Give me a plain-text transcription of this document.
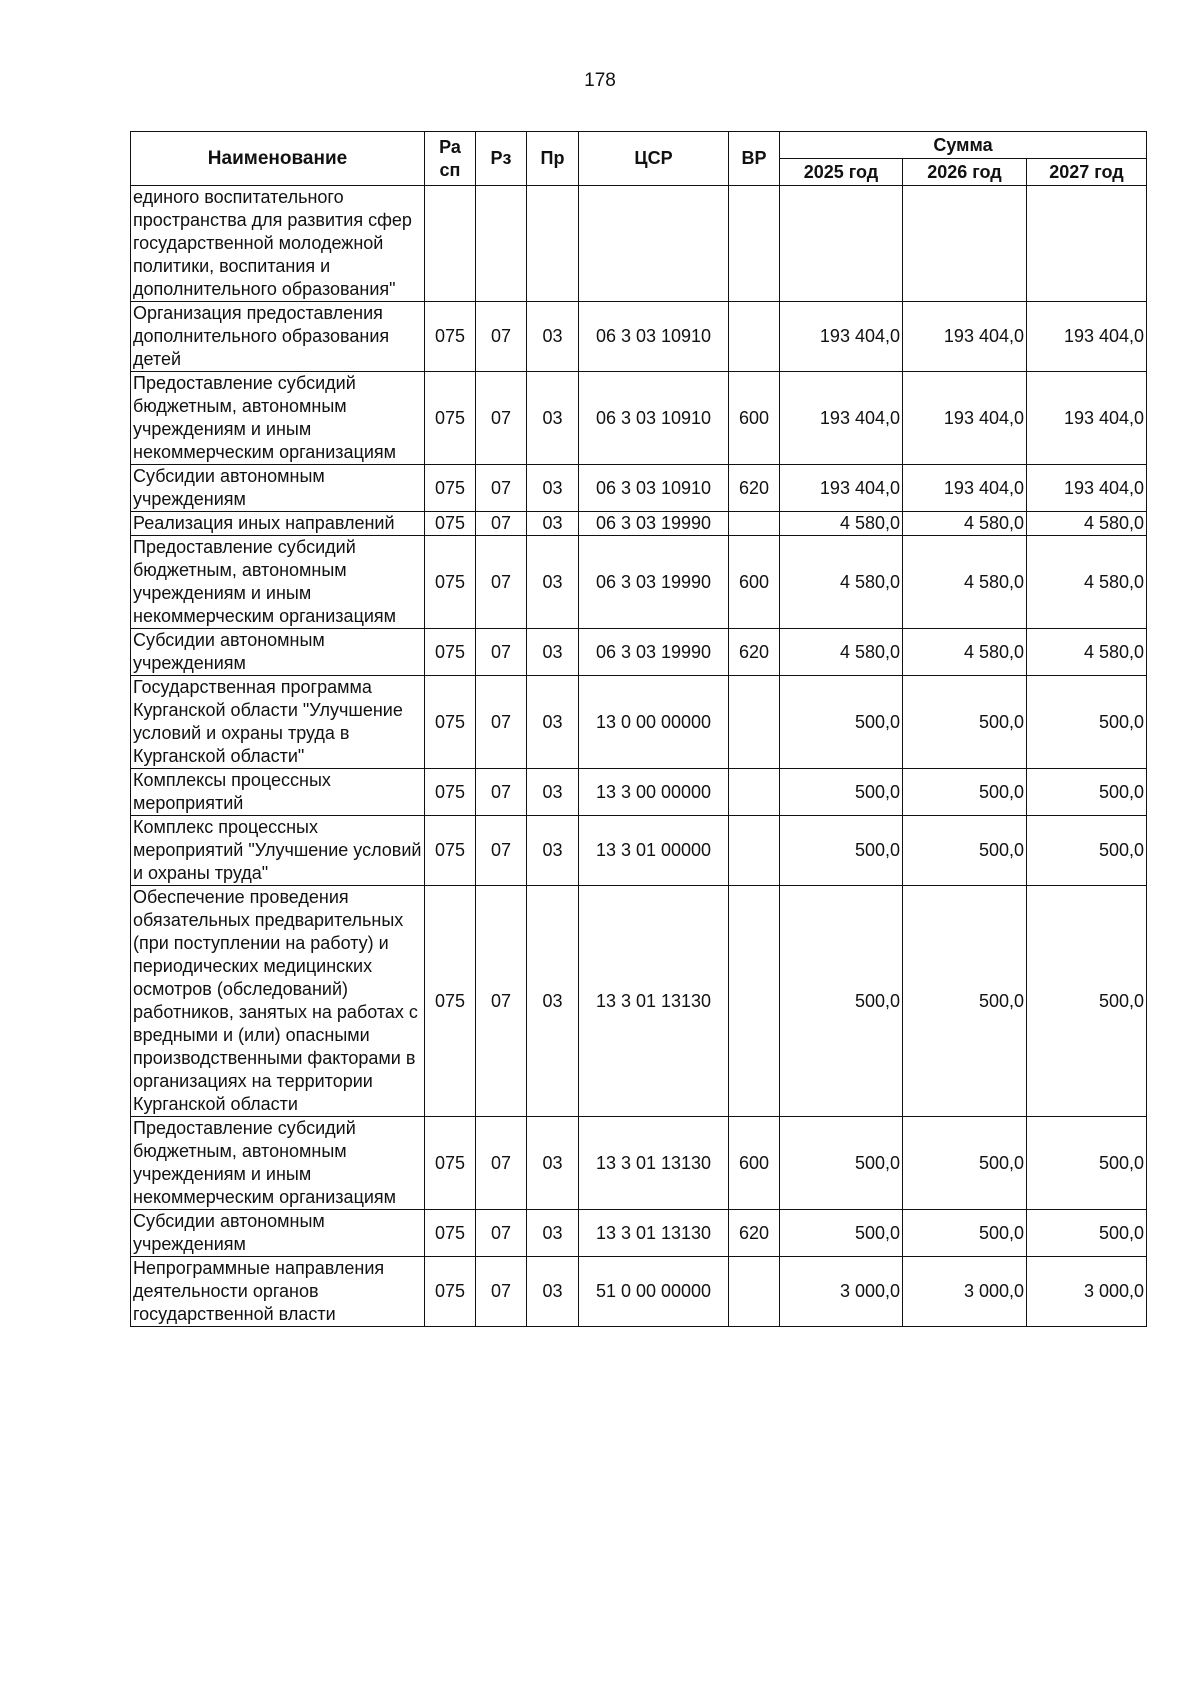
178
Наименование	Ра сп	Рз	Пр	ЦСР	ВР	Сумма		
						2025 год	2026 год	2027 год
единого воспитательного пространства для развития сфер государственной молодежной политики, воспитания и дополнительного образования"								
Организация предоставления дополнительного образования детей	075	07	03	06 3 03 10910		193 404,0	193 404,0	193 404,0
Предоставление субсидий бюджетным, автономным учреждениям и иным некоммерческим организациям	075	07	03	06 3 03 10910	600	193 404,0	193 404,0	193 404,0
Субсидии автономным учреждениям	075	07	03	06 3 03 10910	620	193 404,0	193 404,0	193 404,0
Реализация иных направлений	075	07	03	06 3 03 19990		4 580,0	4 580,0	4 580,0
Предоставление субсидий бюджетным, автономным учреждениям и иным некоммерческим организациям	075	07	03	06 3 03 19990	600	4 580,0	4 580,0	4 580,0
Субсидии автономным учреждениям	075	07	03	06 3 03 19990	620	4 580,0	4 580,0	4 580,0
Государственная программа Курганской области "Улучшение условий и охраны труда в Курганской области"	075	07	03	13 0 00 00000		500,0	500,0	500,0
Комплексы процессных мероприятий	075	07	03	13 3 00 00000		500,0	500,0	500,0
Комплекс процессных мероприятий "Улучшение условий и охраны труда"	075	07	03	13 3 01 00000		500,0	500,0	500,0
Обеспечение проведения обязательных предварительных (при поступлении на работу) и периодических медицинских осмотров (обследований) работников, занятых на работах с вредными и (или) опасными производственными факторами в организациях на территории Курганской области	075	07	03	13 3 01 13130		500,0	500,0	500,0
Предоставление субсидий бюджетным, автономным учреждениям и иным некоммерческим организациям	075	07	03	13 3 01 13130	600	500,0	500,0	500,0
Субсидии автономным учреждениям	075	07	03	13 3 01 13130	620	500,0	500,0	500,0
Непрограммные направления деятельности органов государственной власти	075	07	03	51 0 00 00000		3 000,0	3 000,0	3 000,0
